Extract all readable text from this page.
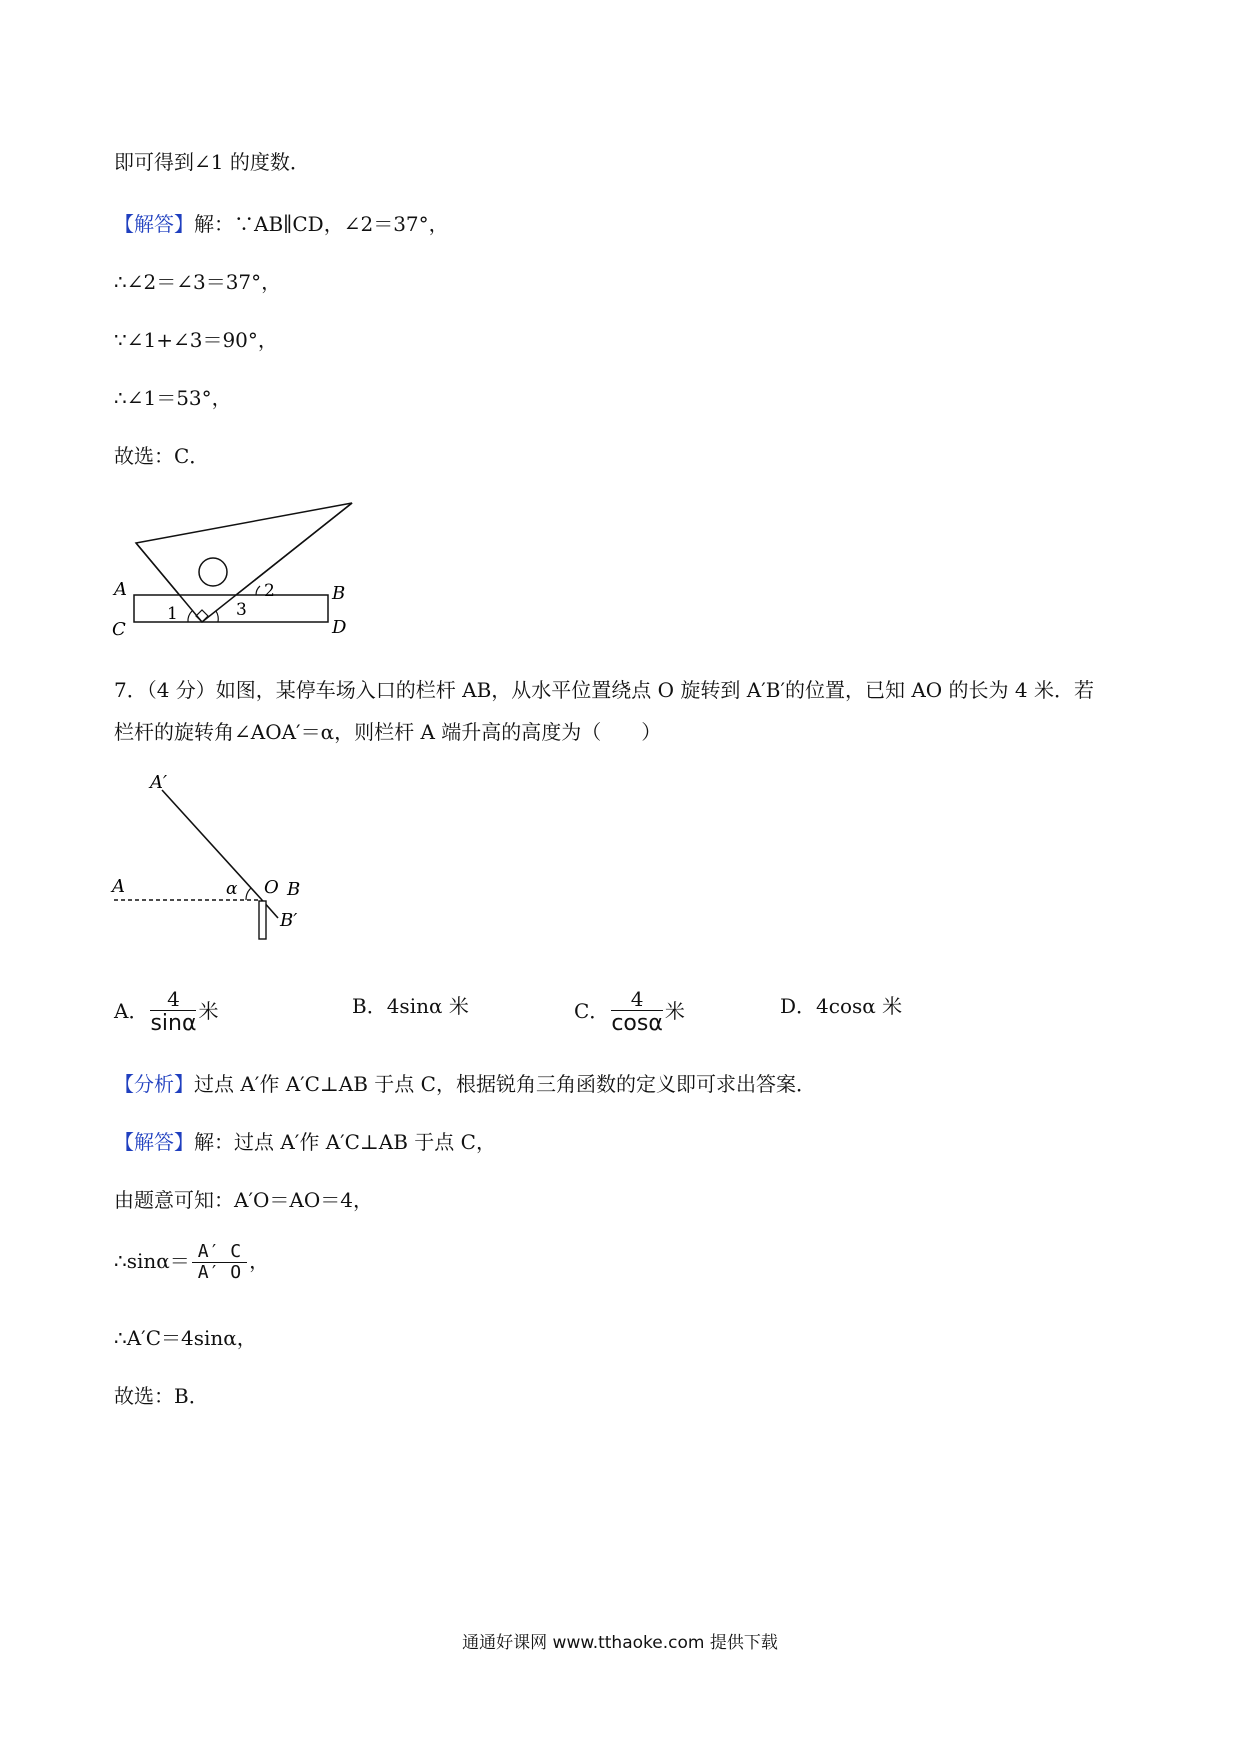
即可得到∠1 的度数．
【解答】解：∵AB∥CD，∠2＝37°，
∴∠2＝∠3＝37°，
∵∠1+∠3＝90°，
∴∠1＝53°，
故选：C．
A	B
C	D
1
2
3
7．（4 分）如图，某停车场入口的栏杆 AB，从水平位置绕点 O 旋转到 A′B′的位置，已知 AO 的长为 4 米．若
栏杆的旋转角∠AOA′＝α，则栏杆 A 端升高的高度为（　　）
A′
A	α O B
B′
A． $\frac{4}{\sin\alpha}$ 米	B．4sinα 米	C． $\frac{4}{\cos\alpha}$ 米	D．4cosα 米
【分析】过点 A′作 A′C⊥AB 于点 C，根据锐角三角函数的定义即可求出答案．
【解答】解：过点 A′作 A′C⊥AB 于点 C，
由题意可知：A′O＝AO＝4，
∴sinα＝ $\frac{A' C}{A' O}$ ，
∴A′C＝4sinα，
故选：B．
通通好课网 www.tthaoke.com 提供下载
